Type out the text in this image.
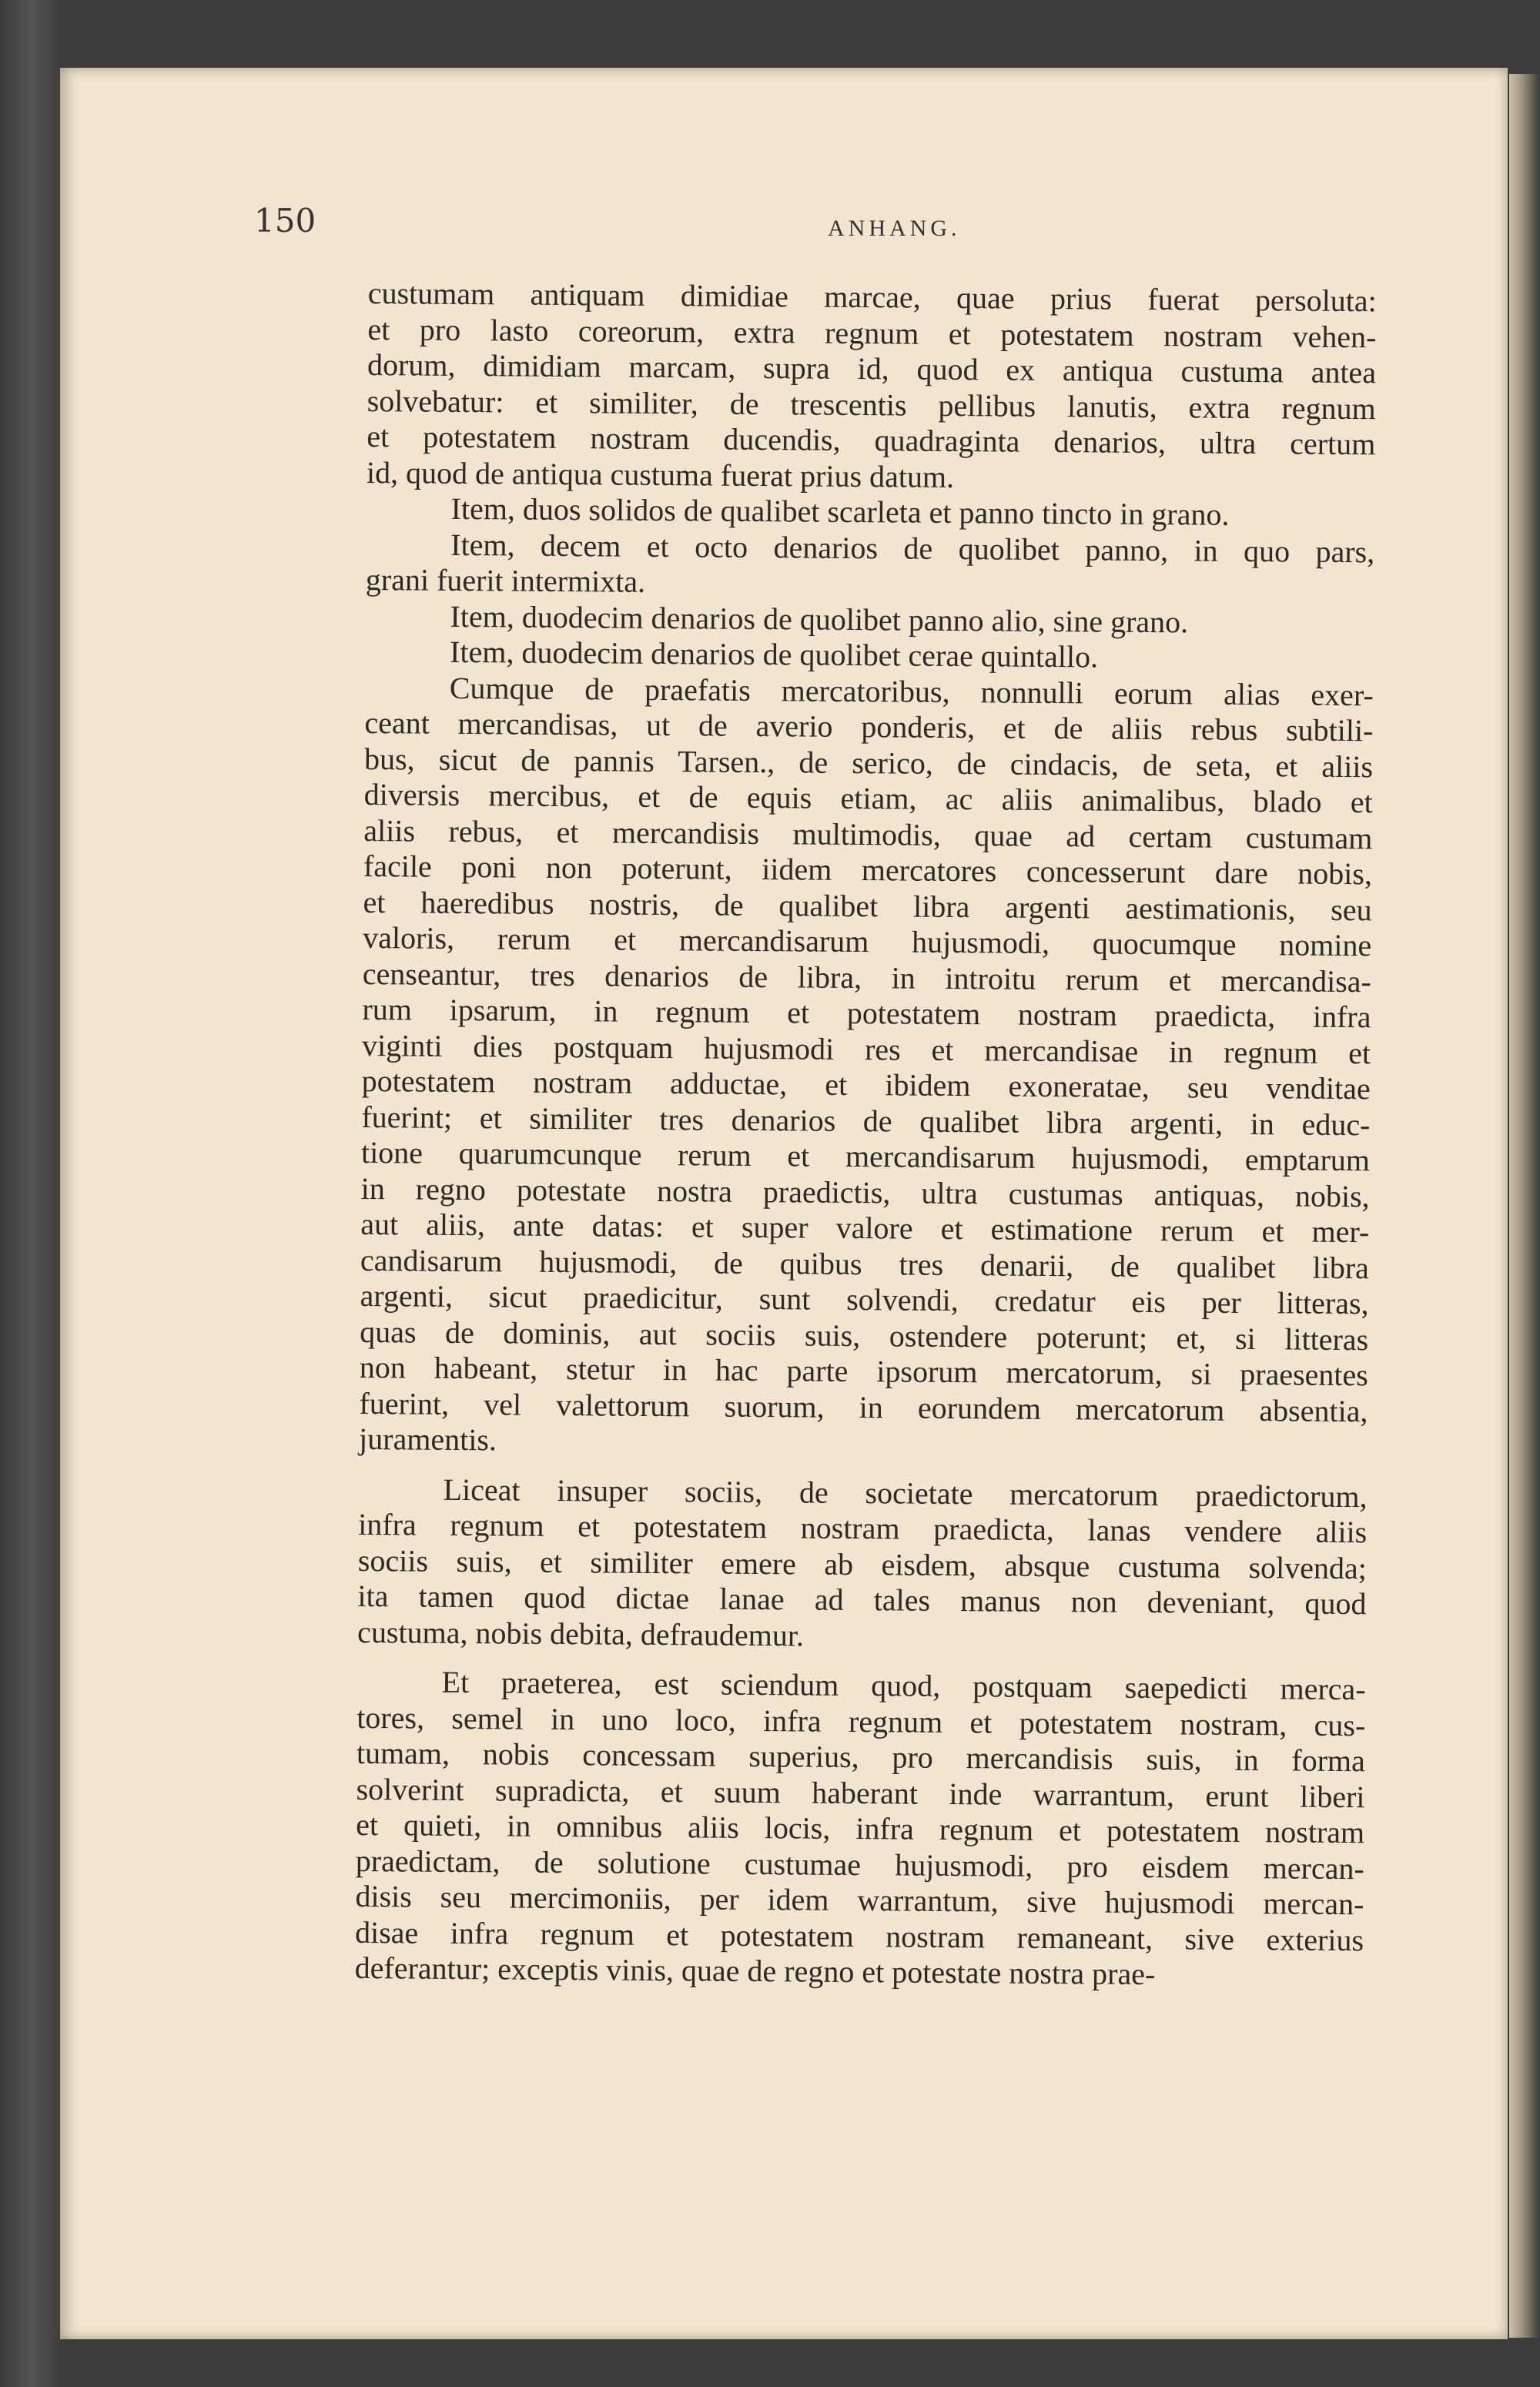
150	ANHANG.
custumam antiquam dimidiae marcae, quae prius fuerat persoluta:
et pro lasto coreorum, extra regnum et potestatem nostram vehen-
dorum, dimidiam marcam, supra id, quod ex antiqua custuma antea
solvebatur: et similiter, de trescentis pellibus lanutis, extra regnum
et potestatem nostram ducendis, quadraginta denarios, ultra certum
id, quod de antiqua custuma fuerat prius datum.
Item, duos solidos de qualibet scarleta et panno tincto in grano.
Item, decem et octo denarios de quolibet panno, in quo pars,
grani fuerit intermixta.
Item, duodecim denarios de quolibet panno alio, sine grano.
Item, duodecim denarios de quolibet cerae quintallo.
Cumque de praefatis mercatoribus, nonnulli eorum alias exer-
ceant mercandisas, ut de averio ponderis, et de aliis rebus subtili-
bus, sicut de pannis Tarsen., de serico, de cindacis, de seta, et aliis
diversis mercibus, et de equis etiam, ac aliis animalibus, blado et
aliis rebus, et mercandisis multimodis, quae ad certam custumam
facile poni non poterunt, iidem mercatores concesserunt dare nobis,
et haeredibus nostris, de qualibet libra argenti aestimationis, seu
valoris, rerum et mercandisarum hujusmodi, quocumque nomine
censeantur, tres denarios de libra, in introitu rerum et mercandisa-
rum ipsarum, in regnum et potestatem nostram praedicta, infra
viginti dies postquam hujusmodi res et mercandisae in regnum et
potestatem nostram adductae, et ibidem exoneratae, seu venditae
fuerint; et similiter tres denarios de qualibet libra argenti, in educ-
tione quarumcunque rerum et mercandisarum hujusmodi, emptarum
in regno potestate nostra praedictis, ultra custumas antiquas, nobis,
aut aliis, ante datas: et super valore et estimatione rerum et mer-
candisarum hujusmodi, de quibus tres denarii, de qualibet libra
argenti, sicut praedicitur, sunt solvendi, credatur eis per litteras,
quas de dominis, aut sociis suis, ostendere poterunt; et, si litteras
non habeant, stetur in hac parte ipsorum mercatorum, si praesentes
fuerint, vel valettorum suorum, in eorundem mercatorum absentia,
juramentis.
Liceat insuper sociis, de societate mercatorum praedictorum,
infra regnum et potestatem nostram praedicta, lanas vendere aliis
sociis suis, et similiter emere ab eisdem, absque custuma solvenda;
ita tamen quod dictae lanae ad tales manus non deveniant, quod
custuma, nobis debita, defraudemur.
Et praeterea, est sciendum quod, postquam saepedicti merca-
tores, semel in uno loco, infra regnum et potestatem nostram, cus-
tumam, nobis concessam superius, pro mercandisis suis, in forma
solverint supradicta, et suum haberant inde warrantum, erunt liberi
et quieti, in omnibus aliis locis, infra regnum et potestatem nostram
praedictam, de solutione custumae hujusmodi, pro eisdem mercan-
disis seu mercimoniis, per idem warrantum, sive hujusmodi mercan-
disae infra regnum et potestatem nostram remaneant, sive exterius
deferantur; exceptis vinis, quae de regno et potestate nostra prae-
